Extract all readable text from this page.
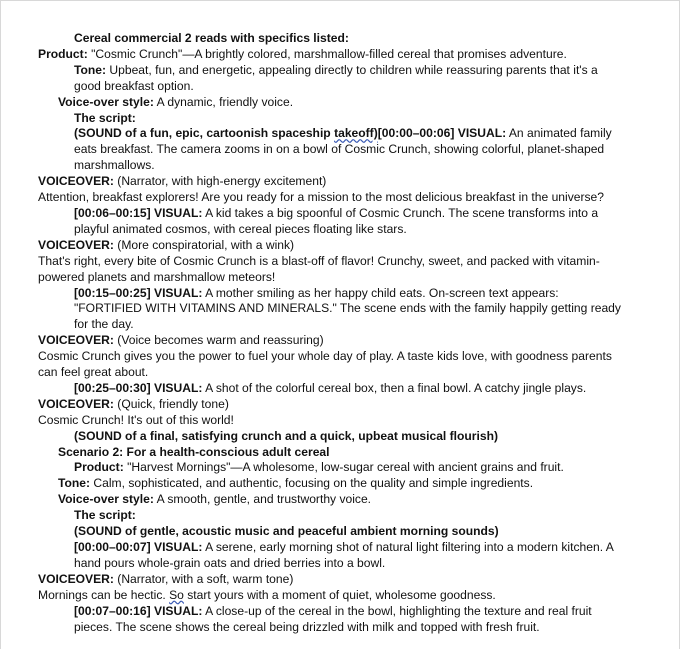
Cereal commercial 2 reads with specifics listed:

Product: "Cosmic Crunch"—A brightly colored, marshmallow-filled cereal that promises adventure.

Tone: Upbeat, fun, and energetic, appealing directly to children while reassuring parents that it's a good breakfast option.

Voice-over style: A dynamic, friendly voice.

The script:

(SOUND of a fun, epic, cartoonish spaceship takeoff)[00:00–00:06] VISUAL: An animated family eats breakfast. The camera zooms in on a bowl of Cosmic Crunch, showing colorful, planet-shaped marshmallows.

VOICEOVER: (Narrator, with high-energy excitement)

Attention, breakfast explorers! Are you ready for a mission to the most delicious breakfast in the universe?

[00:06–00:15] VISUAL: A kid takes a big spoonful of Cosmic Crunch. The scene transforms into a playful animated cosmos, with cereal pieces floating like stars.

VOICEOVER: (More conspiratorial, with a wink)

That's right, every bite of Cosmic Crunch is a blast-off of flavor! Crunchy, sweet, and packed with vitamin-powered planets and marshmallow meteors!

[00:15–00:25] VISUAL: A mother smiling as her happy child eats. On-screen text appears: "FORTIFIED WITH VITAMINS AND MINERALS." The scene ends with the family happily getting ready for the day.

VOICEOVER: (Voice becomes warm and reassuring)

Cosmic Crunch gives you the power to fuel your whole day of play. A taste kids love, with goodness parents can feel great about.

[00:25–00:30] VISUAL: A shot of the colorful cereal box, then a final bowl. A catchy jingle plays.

VOICEOVER: (Quick, friendly tone)

Cosmic Crunch! It's out of this world!

(SOUND of a final, satisfying crunch and a quick, upbeat musical flourish)

Scenario 2: For a health-conscious adult cereal

Product: "Harvest Mornings"—A wholesome, low-sugar cereal with ancient grains and fruit.

Tone: Calm, sophisticated, and authentic, focusing on the quality and simple ingredients.

Voice-over style: A smooth, gentle, and trustworthy voice.

The script:

(SOUND of gentle, acoustic music and peaceful ambient morning sounds)

[00:00–00:07] VISUAL: A serene, early morning shot of natural light filtering into a modern kitchen. A hand pours whole-grain oats and dried berries into a bowl.

VOICEOVER: (Narrator, with a soft, warm tone)

Mornings can be hectic. So start yours with a moment of quiet, wholesome goodness.

[00:07–00:16] VISUAL: A close-up of the cereal in the bowl, highlighting the texture and real fruit pieces. The scene shows the cereal being drizzled with milk and topped with fresh fruit.
